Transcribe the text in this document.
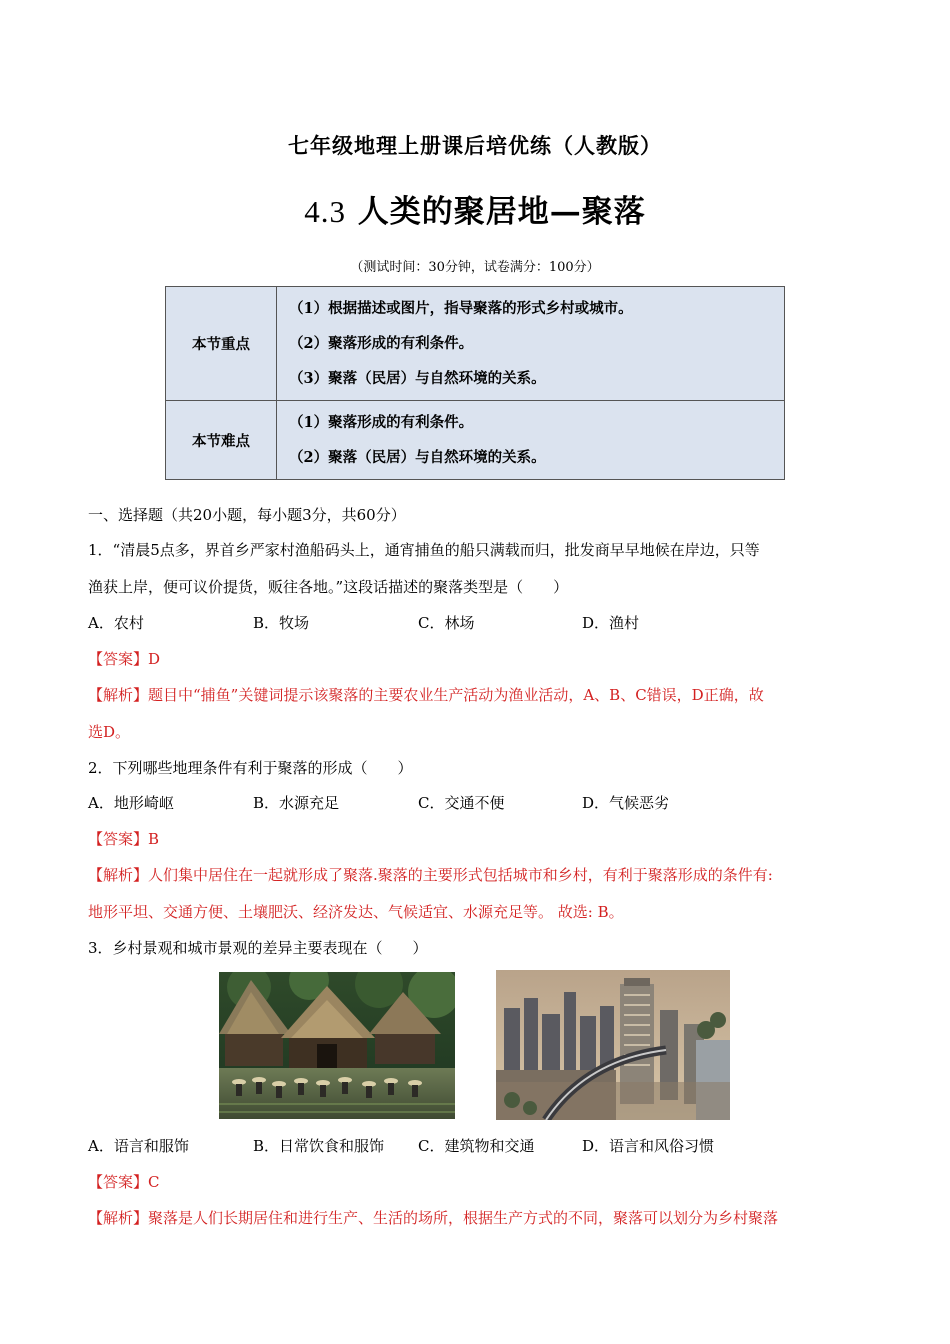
七年级地理上册课后培优练（人教版）
4.3 人类的聚居地—聚落
（测试时间：30分钟，试卷满分：100分）
本节重点	（1）根据描述或图片，指导聚落的形式乡村或城市。
（2）聚落形成的有利条件。
（3）聚落（民居）与自然环境的关系。

本节难点	（1）聚落形成的有利条件。
（2）聚落（民居）与自然环境的关系。
一、选择题（共20小题，每小题3分，共60分）
1．“清晨5点多，界首乡严家村渔船码头上，通宵捕鱼的船只满载而归，批发商早早地候在岸边，只等
渔获上岸，便可议价提货，贩往各地。”这段话描述的聚落类型是（　　）
A．农村	B．牧场	C．林场	D．渔村
【答案】D
【解析】题目中“捕鱼”关键词提示该聚落的主要农业生产活动为渔业活动，A、B、C错误，D正确，故
选D。
2．下列哪些地理条件有利于聚落的形成（　　）
A．地形崎岖	B．水源充足	C．交通不便	D．气候恶劣
【答案】B
【解析】人们集中居住在一起就形成了聚落.聚落的主要形式包括城市和乡村，有利于聚落形成的条件有:
地形平坦、交通方便、土壤肥沃、经济发达、气候适宜、水源充足等。 故选: B。
3．乡村景观和城市景观的差异主要表现在（　　）
A．语言和服饰	B．日常饮食和服饰 C．建筑物和交通	D．语言和风俗习惯
【答案】C
【解析】聚落是人们长期居住和进行生产、生活的场所，根据生产方式的不同，聚落可以划分为乡村聚落
